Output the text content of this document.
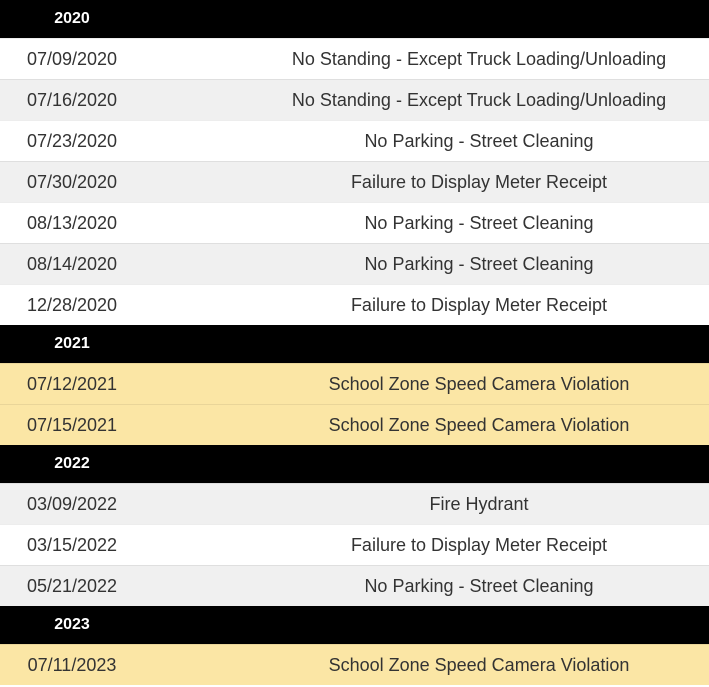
2020
07/09/2020	No Standing - Except Truck Loading/Unloading
07/16/2020	No Standing - Except Truck Loading/Unloading
07/23/2020	No Parking - Street Cleaning
07/30/2020	Failure to Display Meter Receipt
08/13/2020	No Parking - Street Cleaning
08/14/2020	No Parking - Street Cleaning
12/28/2020	Failure to Display Meter Receipt
2021
07/12/2021	School Zone Speed Camera Violation
07/15/2021	School Zone Speed Camera Violation
2022
03/09/2022	Fire Hydrant
03/15/2022	Failure to Display Meter Receipt
05/21/2022	No Parking - Street Cleaning
2023
07/11/2023	School Zone Speed Camera Violation
